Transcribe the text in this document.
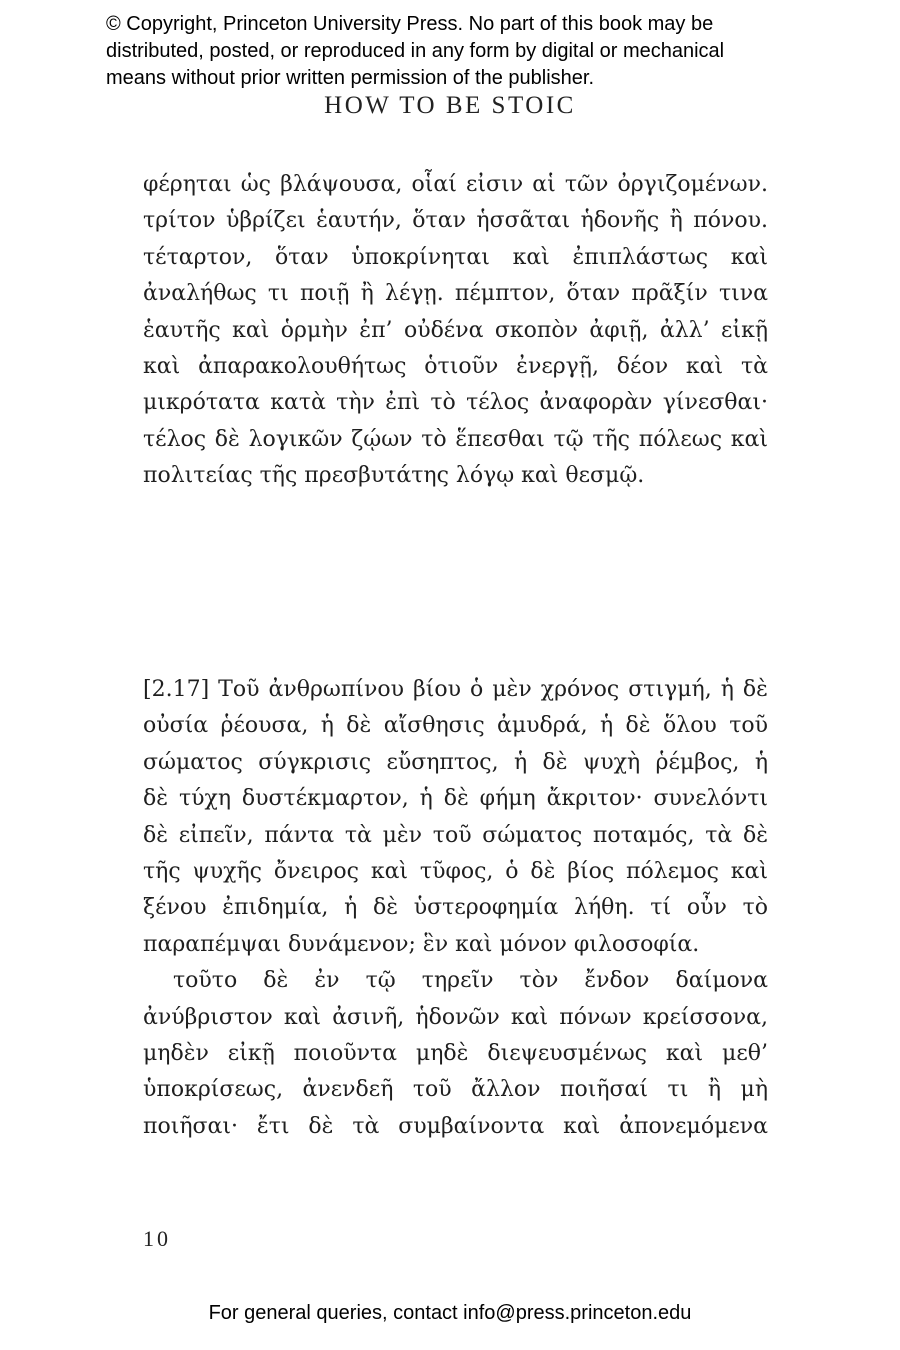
© Copyright, Princeton University Press. No part of this book may be
distributed, posted, or reproduced in any form by digital or mechanical
means without prior written permission of the publisher.
HOW TO BE STOIC
φέρηται ὡς βλάψουσα, οἷαί εἰσιν αἱ τῶν ὀργιζομένων.
τρίτον ὑβρίζει ἑαυτήν, ὅταν ἡσσᾶται ἡδονῆς ἢ πόνου.
τέταρτον, ὅταν ὑποκρίνηται καὶ ἐπιπλάστως καὶ
ἀναλήθως τι ποιῇ ἢ λέγῃ. πέμπτον, ὅταν πρᾶξίν τινα
ἑαυτῆς καὶ ὁρμὴν ἐπ’ οὐδένα σκοπὸν ἀφιῇ, ἀλλ’ εἰκῇ
καὶ ἀπαρακολουθήτως ὁτιοῦν ἐνεργῇ, δέον καὶ τὰ
μικρότατα κατὰ τὴν ἐπὶ τὸ τέλος ἀναφορὰν γίνεσθαι·
τέλος δὲ λογικῶν ζῴων τὸ ἕπεσθαι τῷ τῆς πόλεως καὶ
πολιτείας τῆς πρεσβυτάτης λόγῳ καὶ θεσμῷ.
[2.17] Τοῦ ἀνθρωπίνου βίου ὁ μὲν χρόνος στιγμή, ἡ δὲ
οὐσία ῥέουσα, ἡ δὲ αἴσθησις ἀμυδρά, ἡ δὲ ὅλου τοῦ
σώματος σύγκρισις εὔσηπτος, ἡ δὲ ψυχὴ ῥέμβος, ἡ
δὲ τύχη δυστέκμαρτον, ἡ δὲ φήμη ἄκριτον· συνελόντι
δὲ εἰπεῖν, πάντα τὰ μὲν τοῦ σώματος ποταμός, τὰ δὲ
τῆς ψυχῆς ὄνειρος καὶ τῦφος, ὁ δὲ βίος πόλεμος καὶ
ξένου ἐπιδημία, ἡ δὲ ὑστεροφημία λήθη. τί οὖν τὸ
παραπέμψαι δυνάμενον; ἓν καὶ μόνον φιλοσοφία.
τοῦτο δὲ ἐν τῷ τηρεῖν τὸν ἔνδον δαίμονα
ἀνύβριστον καὶ ἀσινῆ, ἡδονῶν καὶ πόνων κρείσσονα,
μηδὲν εἰκῇ ποιοῦντα μηδὲ διεψευσμένως καὶ μεθ’
ὑποκρίσεως, ἀνενδεῆ τοῦ ἄλλον ποιῆσαί τι ἢ μὴ
ποιῆσαι· ἔτι δὲ τὰ συμβαίνοντα καὶ ἀπονεμόμενα
10
For general queries, contact info@press.princeton.edu
